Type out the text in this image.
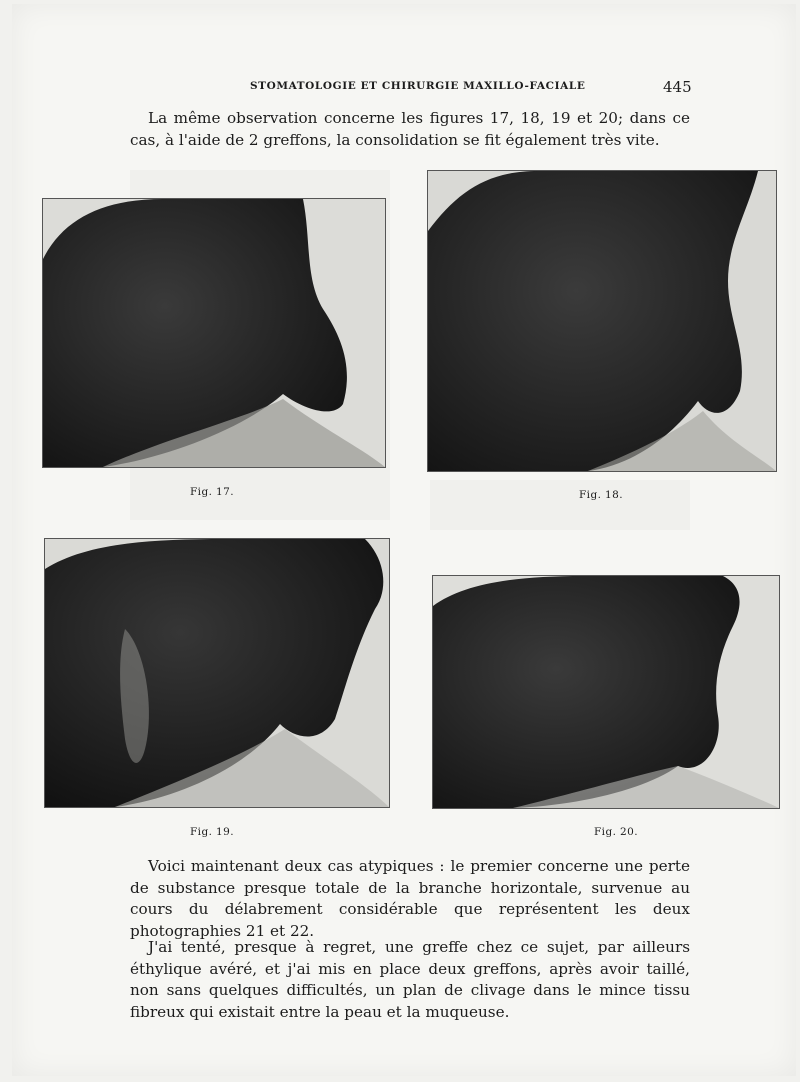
STOMATOLOGIE ET CHIRURGIE MAXILLO-FACIALE	445

La même observation concerne les figures 17, 18, 19 et 20; dans ce cas, à l'aide de 2 greffons, la consolidation se fit également très vite.

Fig. 17.	Fig. 18.
Fig. 19.	Fig. 20.

Voici maintenant deux cas atypiques : le premier concerne une perte de substance presque totale de la branche horizontale, survenue au cours du délabrement considérable que représentent les deux photographies 21 et 22.

J'ai tenté, presque à regret, une greffe chez ce sujet, par ailleurs éthylique avéré, et j'ai mis en place deux greffons, après avoir taillé, non sans quelques difficultés, un plan de clivage dans le mince tissu fibreux qui existait entre la peau et la muqueuse.
